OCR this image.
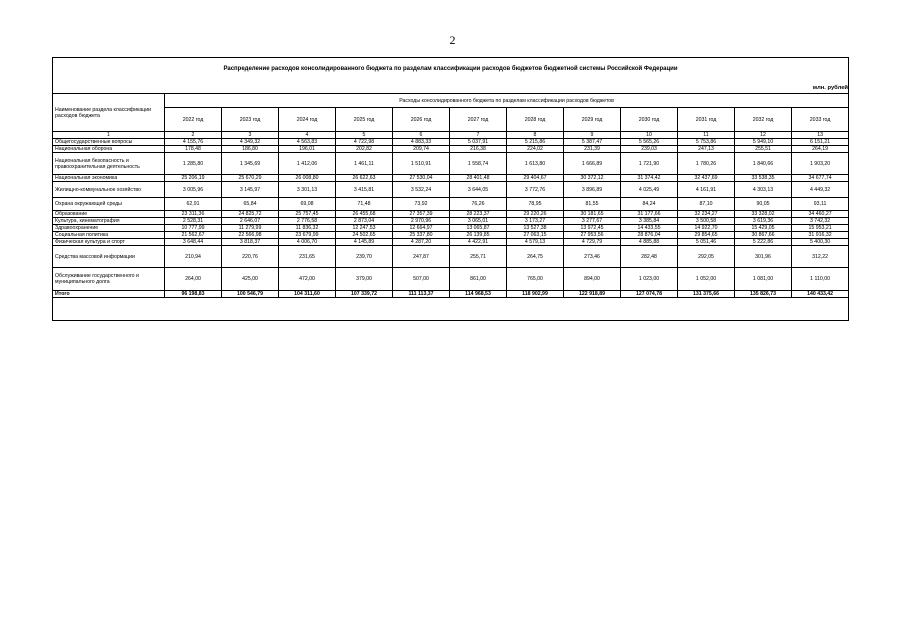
2
Распределение расходов консолидированного бюджета по разделам классификации расходов бюджетов бюджетной системы Российской Федерации
млн. рублей
Наименование раздела классификации расходов бюджета	Расходы консолидированного бюджета по разделам классификации расходов бюджетов											
	2022 год	2023 год	2024 год	2025 год	2026 год	2027 год	2028 год	2029 год	2030 год	2031 год	2032 год	2033 год
1	2	3	4	5	6	7	8	9	10	11	12	13
Общегосударственные вопросы	4 155,76	4 349,32	4 563,83	4 722,98	4 883,33	5 037,91	5 215,86	5 387,47	5 565,26	5 753,86	5 949,10	6 151,21
Национальная оборона	178,48	186,80	196,01	202,82	209,74	216,38	224,02	231,39	239,03	247,13	255,51	264,19
Национальная безопасность и правоохранительная деятельность	1 285,80	1 345,69	1 412,06	1 461,11	1 510,91	1 558,74	1 613,80	1 666,89	1 721,90	1 780,26	1 840,66	1 903,20
Национальная экономика	25 206,19	25 670,29	26 008,80	26 622,63	27 530,04	28 401,48	29 404,67	30 372,12	31 374,42	32 437,69	33 538,35	34 677,74
Жилищно-коммунальное хозяйство	3 005,96	3 145,97	3 301,13	3 415,81	3 532,24	3 644,05	3 772,76	3 896,89	4 025,49	4 161,91	4 303,13	4 449,32
Охрана окружающей среды	62,91	65,84	69,08	71,48	73,92	76,26	78,95	81,55	84,24	87,10	90,05	93,11
Образование	23 311,36	24 825,72	25 757,45	26 455,68	27 357,39	28 223,37	29 220,26	30 181,65	31 177,66	32 234,27	33 328,02	34 460,27
Культура, кинематография	2 528,31	2 646,07	2 776,58	2 873,04	2 970,96	3 065,01	3 173,27	3 277,67	3 385,84	3 500,58	3 619,36	3 742,32
Здравоохранение	10 777,99	11 279,99	11 836,32	12 247,53	12 664,97	13 065,87	13 527,38	13 972,45	14 433,55	14 922,70	15 429,05	15 953,21
Социальная политика	21 562,67	22 566,98	23 679,99	24 502,65	25 337,80	26 139,85	27 063,15	27 953,56	28 876,04	29 854,65	30 867,66	31 916,32
Физическая культура и спорт	3 648,44	3 818,37	4 006,70	4 145,89	4 287,20	4 422,91	4 579,13	4 729,79	4 885,88	5 051,46	5 222,86	5 400,30
Средства массовой информации	210,94	220,76	231,65	239,70	247,87	255,71	264,75	273,46	282,48	292,05	301,96	312,22
Обслуживание государственного и муниципального долга	264,00	425,00	472,00	379,00	507,00	861,00	765,00	894,00	1 023,00	1 052,00	1 081,00	1 110,00
Итого	96 198,83	100 546,79	104 311,60	107 339,72	111 113,37	114 968,53	118 902,99	122 918,89	127 074,78	131 375,66	135 826,73	140 433,42
